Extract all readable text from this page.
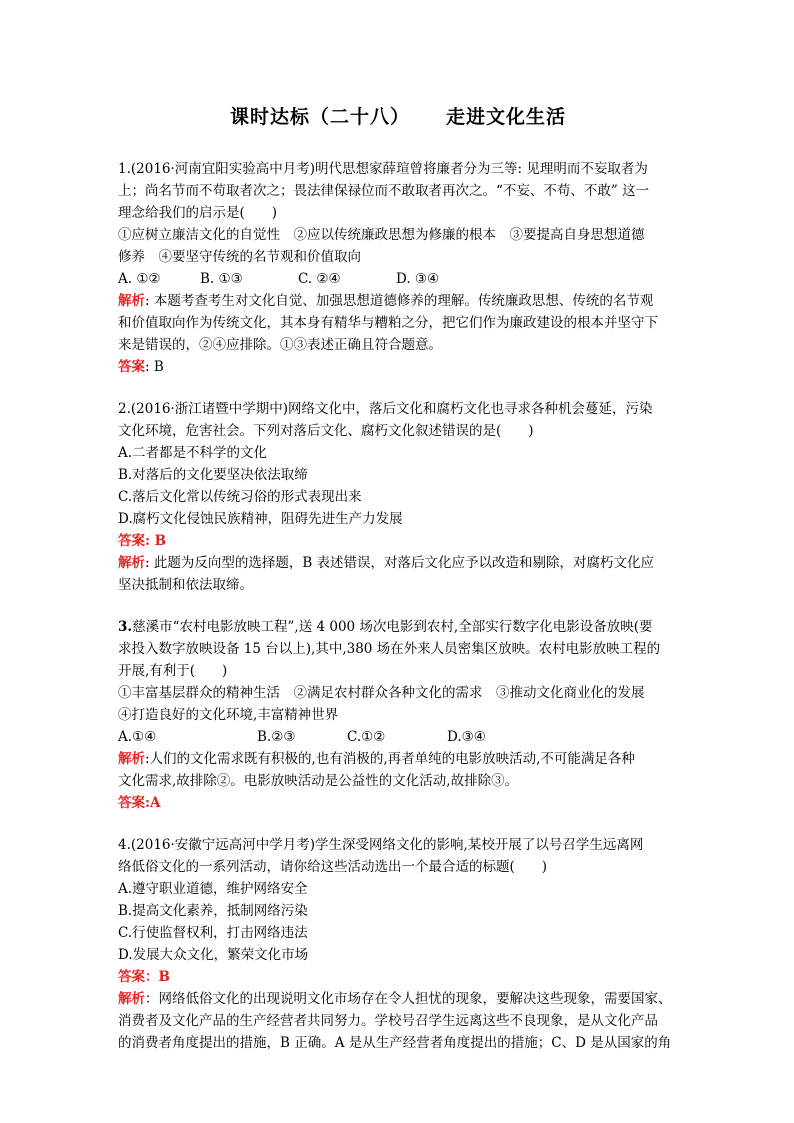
课时达标（二十八） 走进文化生活
1.(2016·河南宜阳实验高中月考)明代思想家薛瑄曾将廉者分为三等: 见理明而不妄取者为
上；尚名节而不苟取者次之；畏法律保禄位而不敢取者再次之。“不妄、不苟、不敢” 这一
理念给我们的启示是(　　)
①应树立廉洁文化的自觉性　②应以传统廉政思想为修廉的根本　③要提高自身思想道德
修养　④要坚守传统的名节观和价值取向
A. ①②	B. ①③	C. ②④	D. ③④
解析: 本题考查考生对文化自觉、加强思想道德修养的理解。传统廉政思想、传统的名节观
和价值取向作为传统文化，其本身有精华与糟粕之分，把它们作为廉政建设的根本并坚守下
来是错误的，②④应排除。①③表述正确且符合题意。
答案: B
2.(2016·浙江诸暨中学期中)网络文化中，落后文化和腐朽文化也寻求各种机会蔓延，污染
文化环境，危害社会。下列对落后文化、腐朽文化叙述错误的是(　　)
A.二者都是不科学的文化
B.对落后的文化要坚决依法取缔
C.落后文化常以传统习俗的形式表现出来
D.腐朽文化侵蚀民族精神，阻碍先进生产力发展
答案: B
解析: 此题为反向型的选择题，B 表述错误，对落后文化应予以改造和剔除，对腐朽文化应
坚决抵制和依法取缔。
3.慈溪市“农村电影放映工程”,送 4 000 场次电影到农村,全部实行数字化电影设备放映(要
求投入数字放映设备 15 台以上),其中,380 场在外来人员密集区放映。农村电影放映工程的
开展,有利于(　　)
①丰富基层群众的精神生活　②满足农村群众各种文化的需求　③推动文化商业化的发展
④打造良好的文化环境,丰富精神世界
A.①④	B.②③	C.①②	D.③④
解析:人们的文化需求既有积极的,也有消极的,再者单纯的电影放映活动,不可能满足各种
文化需求,故排除②。电影放映活动是公益性的文化活动,故排除③。
答案:A
4.(2016·安徽宁远高河中学月考)学生深受网络文化的影响,某校开展了以号召学生远离网
络低俗文化的一系列活动，请你给这些活动选出一个最合适的标题(　　)
A.遵守职业道德，维护网络安全
B.提高文化素养，抵制网络污染
C.行使监督权利，打击网络违法
D.发展大众文化，繁荣文化市场
答案：B
解析：网络低俗文化的出现说明文化市场存在令人担忧的现象，要解决这些现象，需要国家、
消费者及文化产品的生产经营者共同努力。学校号召学生远离这些不良现象，是从文化产品
的消费者角度提出的措施，B 正确。A 是从生产经营者角度提出的措施；C、D 是从国家的角
